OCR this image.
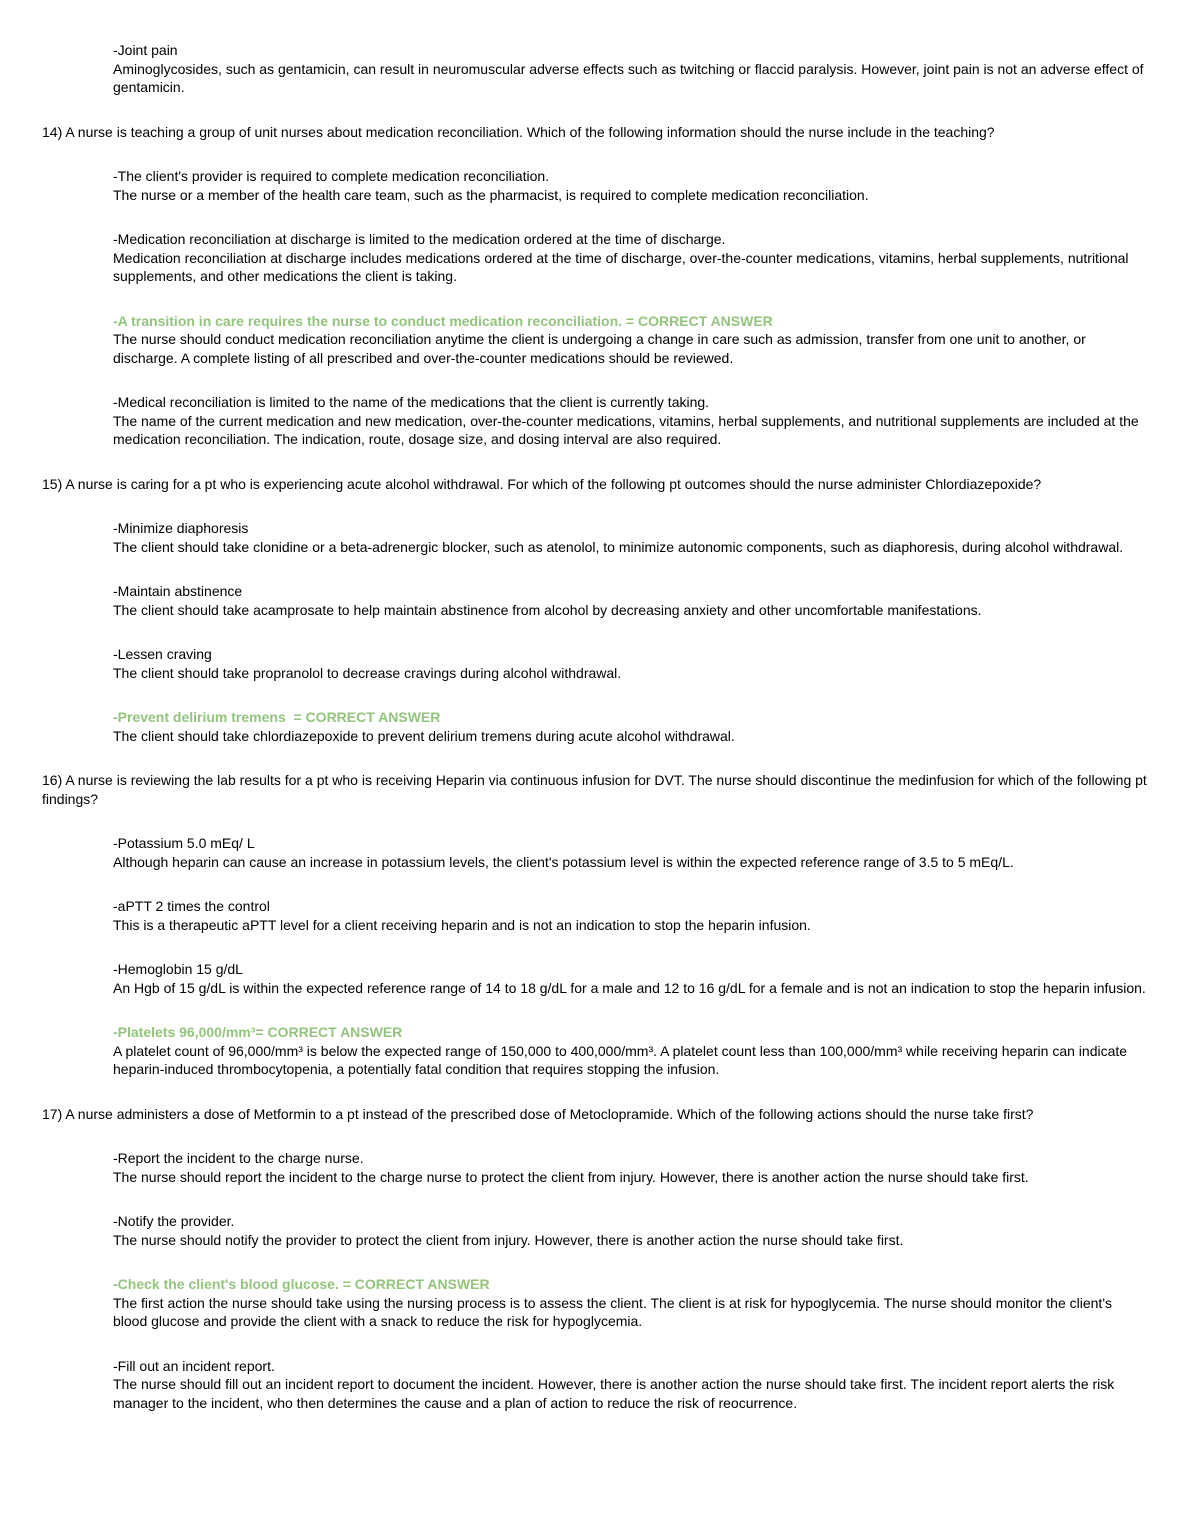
-Joint pain

Aminoglycosides, such as gentamicin, can result in neuromuscular adverse effects such as twitching or flaccid paralysis. However, joint pain is not an adverse effect of gentamicin.

14) A nurse is teaching a group of unit nurses about medication reconciliation. Which of the following information should the nurse include in the teaching?

-The client's provider is required to complete medication reconciliation.

The nurse or a member of the health care team, such as the pharmacist, is required to complete medication reconciliation.

-Medication reconciliation at discharge is limited to the medication ordered at the time of discharge.

Medication reconciliation at discharge includes medications ordered at the time of discharge, over-the-counter medications, vitamins, herbal supplements, nutritional supplements, and other medications the client is taking.

-A transition in care requires the nurse to conduct medication reconciliation. = CORRECT ANSWER

The nurse should conduct medication reconciliation anytime the client is undergoing a change in care such as admission, transfer from one unit to another, or discharge. A complete listing of all prescribed and over-the-counter medications should be reviewed.

-Medical reconciliation is limited to the name of the medications that the client is currently taking.

The name of the current medication and new medication, over-the-counter medications, vitamins, herbal supplements, and nutritional supplements are included at the medication reconciliation. The indication, route, dosage size, and dosing interval are also required.

15) A nurse is caring for a pt who is experiencing acute alcohol withdrawal. For which of the following pt outcomes should the nurse administer Chlordiazepoxide?

-Minimize diaphoresis

The client should take clonidine or a beta-adrenergic blocker, such as atenolol, to minimize autonomic components, such as diaphoresis, during alcohol withdrawal.

-Maintain abstinence

The client should take acamprosate to help maintain abstinence from alcohol by decreasing anxiety and other uncomfortable manifestations.

-Lessen craving

The client should take propranolol to decrease cravings during alcohol withdrawal.

-Prevent delirium tremens  = CORRECT ANSWER

The client should take chlordiazepoxide to prevent delirium tremens during acute alcohol withdrawal.

16) A nurse is reviewing the lab results for a pt who is receiving Heparin via continuous infusion for DVT. The nurse should discontinue the medinfusion for which of the following pt findings?

-Potassium 5.0 mEq/ L

Although heparin can cause an increase in potassium levels, the client's potassium level is within the expected reference range of 3.5 to 5 mEq/L.

-aPTT 2 times the control

This is a therapeutic aPTT level for a client receiving heparin and is not an indication to stop the heparin infusion.

-Hemoglobin 15 g/dL

An Hgb of 15 g/dL is within the expected reference range of 14 to 18 g/dL for a male and 12 to 16 g/dL for a female and is not an indication to stop the heparin infusion.

-Platelets 96,000/mm³= CORRECT ANSWER

A platelet count of 96,000/mm³ is below the expected range of 150,000 to 400,000/mm³. A platelet count less than 100,000/mm³ while receiving heparin can indicate heparin-induced thrombocytopenia, a potentially fatal condition that requires stopping the infusion.

17) A nurse administers a dose of Metformin to a pt instead of the prescribed dose of Metoclopramide. Which of the following actions should the nurse take first?

-Report the incident to the charge nurse.

The nurse should report the incident to the charge nurse to protect the client from injury. However, there is another action the nurse should take first.

-Notify the provider.

The nurse should notify the provider to protect the client from injury. However, there is another action the nurse should take first.

-Check the client's blood glucose. = CORRECT ANSWER

The first action the nurse should take using the nursing process is to assess the client. The client is at risk for hypoglycemia. The nurse should monitor the client's blood glucose and provide the client with a snack to reduce the risk for hypoglycemia.

-Fill out an incident report.

The nurse should fill out an incident report to document the incident. However, there is another action the nurse should take first. The incident report alerts the risk manager to the incident, who then determines the cause and a plan of action to reduce the risk of reocurrence.
